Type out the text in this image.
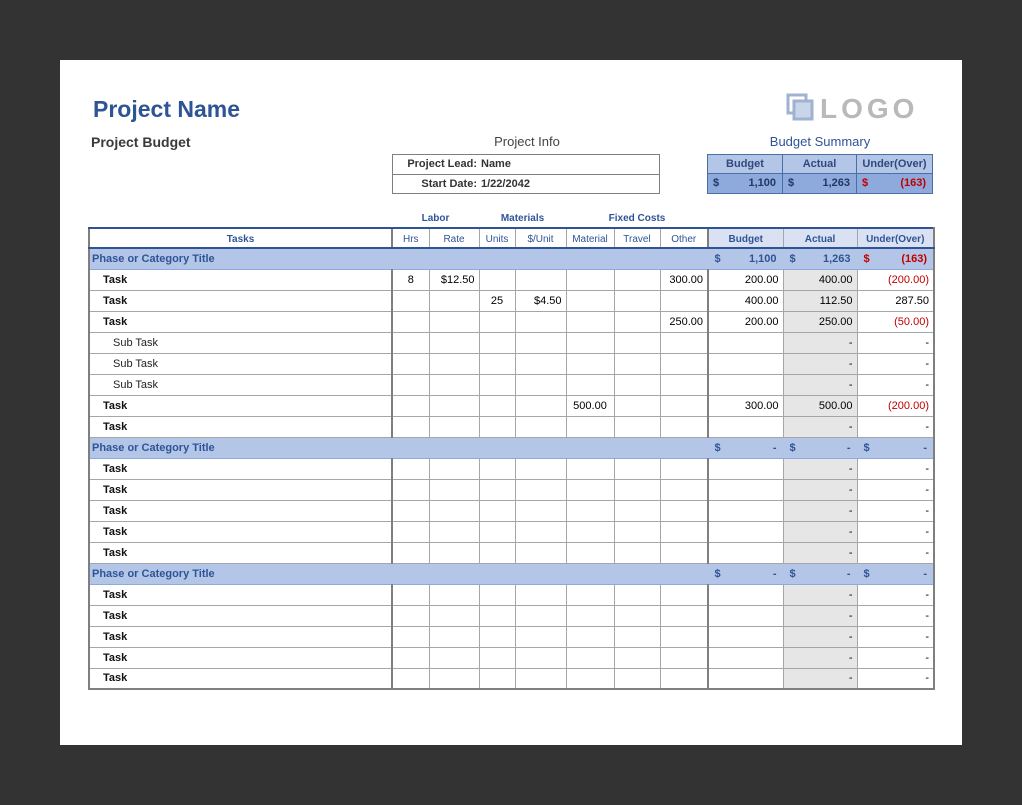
Project Name
Project Budget
LOGO
Project Info
Project Lead: Name
Start Date: 1/22/2042
Budget Summary
Budget	Actual	Under(Over)
$	1,100 $	1,263 $	(163)
Labor	Materials	Fixed Costs
Tasks	Hrs	Rate	Units	$/Unit	Material	Travel	Other	Budget	Actual	Under(Over)
Phase or Category Title								$ 1,100	$ 1,263	$ (163)

Task	8	$12.50					300.00	200.00	400.00	(200.00)
Task			25	$4.50				400.00	112.50	287.50
Task							250.00	200.00	250.00	(50.00)
Sub Task									-	-
Sub Task									-	-
Sub Task									-	-
Task					500.00			300.00	500.00	(200.00)
Task									-	-
Phase or Category Title								$ -	$ -	$ -

Task									-	-
Task									-	-
Task									-	-
Task									-	-
Task									-	-
Phase or Category Title								$ -	$ -	$ -

Task									-	-
Task									-	-
Task									-	-
Task									-	-
Task									-	-
